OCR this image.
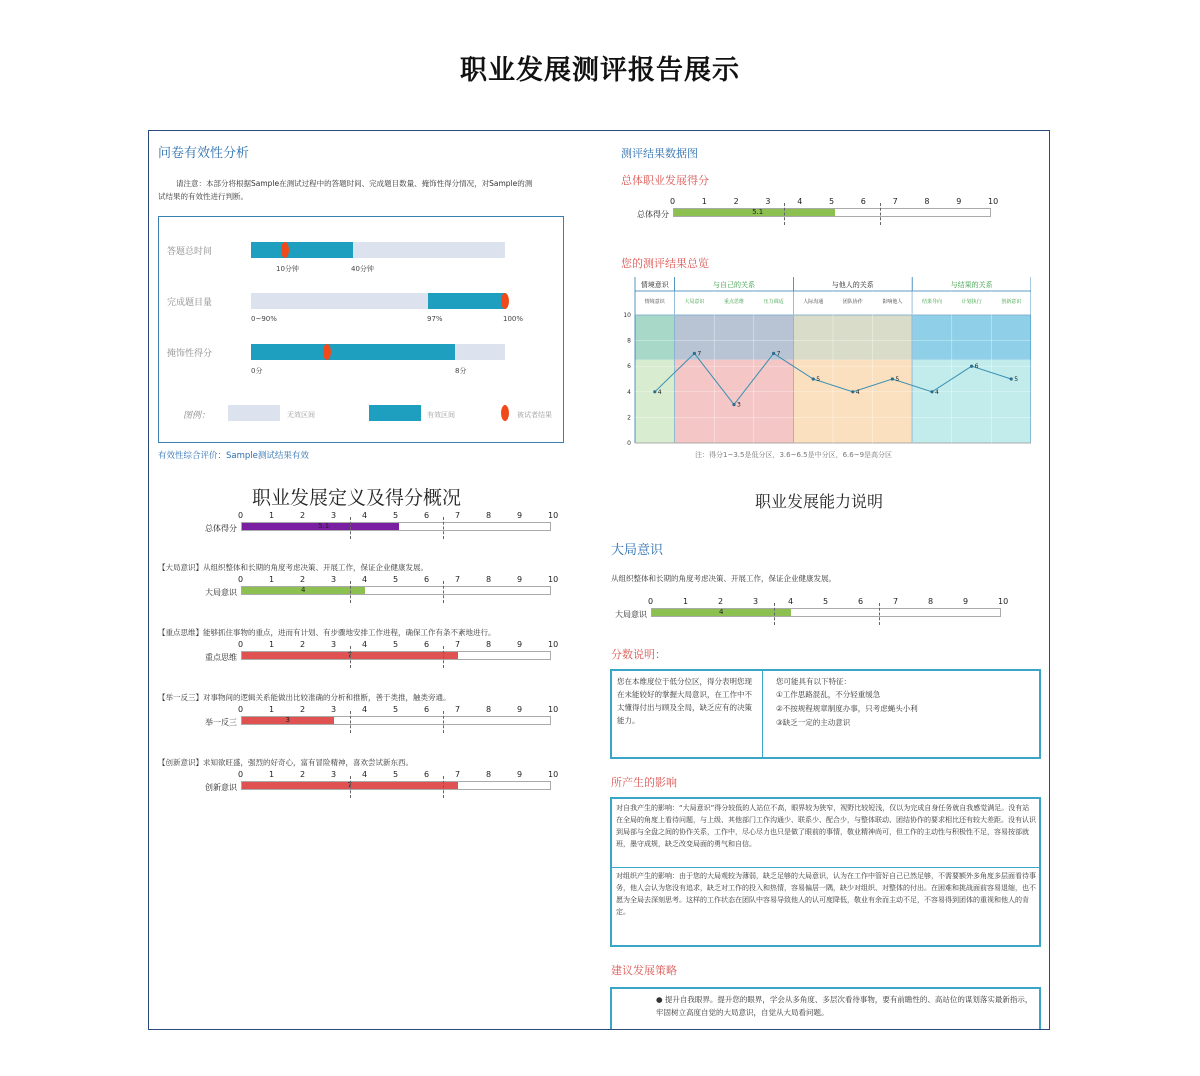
职业发展测评报告展示
问卷有效性分析
请注意：本部分将根据Sample在测试过程中的答题时间、完成题目数量、掩饰性得分情况，对Sample的测试结果的有效性进行判断。
答题总时间
10分钟	40分钟
完成题目量
0~90%	97%	100%
掩饰性得分
0分	8分
图例：	无效区间	有效区间	被试者结果
有效性综合评价：Sample测试结果有效
职业发展定义及得分概况
测评结果数据图
总体职业发展得分
您的测评结果总览
情境意识	与自己的关系	与他人的关系	与结果的关系
情境意识	大局意识	重点思维	压力调适	人际沟通	团队协作	影响他人	结果导向	计划执行	创新意识
10
8
6
4
2
0
4
7
3
7
5
4
5
4
6
5
注：得分1~3.5是低分区，3.6~6.5是中分区，6.6~9是高分区
职业发展能力说明
大局意识
从组织整体和长期的角度考虑决策、开展工作，保证企业健康发展。
分数说明：
您在本维度位于低分位区，得分表明您现在未能较好的掌握大局意识，在工作中不太懂得付出与顾及全局，缺乏应有的决策能力。
您可能具有以下特征：
①工作思路混乱，不分轻重缓急
②不按规程规章制度办事，只考虑蝇头小利
③缺乏一定的主动意识
所产生的影响
对自我产生的影响：“大局意识”得分较低的人站位不高，眼界较为狭窄，视野比较短浅，仅以为完成自身任务就自我感觉满足。没有站在全局的角度上看待问题，与上级、其他部门工作沟通少、联系少、配合少，与整体联动、团结协作的要求相比还有较大差距。没有认识到局部与全盘之间的协作关系，工作中，尽心尽力也只是做了眼前的事情，敬业精神尚可，但工作的主动性与积极性不足，容易按部就班，墨守成规，缺乏改变局面的勇气和自信。
对组织产生的影响：由于您的大局观较为薄弱，缺乏足够的大局意识，认为在工作中管好自己已然足够，不需要额外多角度多层面看待事务，他人会认为您没有追求，缺乏对工作的投入和热情，容易偏居一隅，缺少对组织、对整体的付出。在困难和挑战面前容易退缩，也不愿为全局去深刻思考。这样的工作状态在团队中容易导致他人的认可度降低，敬业有余而主动不足，不容易得到团体的重视和他人的肯定。
建议发展策略
● 提升自我眼界。提升您的眼界，学会从多角度、多层次看待事物，要有前瞻性的、高站位的谋划落实最新指示，牢固树立高度自觉的大局意识，自觉从大局看问题。
0	1	2	3	4	5	6	7	8	9	10
总体得分	5.1
0	1	2	3	4	5	6	7	8	9	10
总体得分	5.1
【大局意识】从组织整体和长期的角度考虑决策、开展工作，保证企业健康发展。
0	1	2	3	4	5	6	7	8	9	10
大局意识	4
【重点思维】能够抓住事物的重点，进而有计划、有步骤地安排工作进程，确保工作有条不紊地进行。
0	1	2	3	4	5	6	7	8	9	10
重点思维	7
【举一反三】对事物间的逻辑关系能做出比较准确的分析和推断，善于类推，触类旁通。
0	1	2	3	4	5	6	7	8	9	10
举一反三	3
【创新意识】求知欲旺盛，强烈的好奇心，富有冒险精神，喜欢尝试新东西。
0	1	2	3	4	5	6	7	8	9	10
创新意识	7
0	1	2	3	4	5	6	7	8	9	10
大局意识	4
